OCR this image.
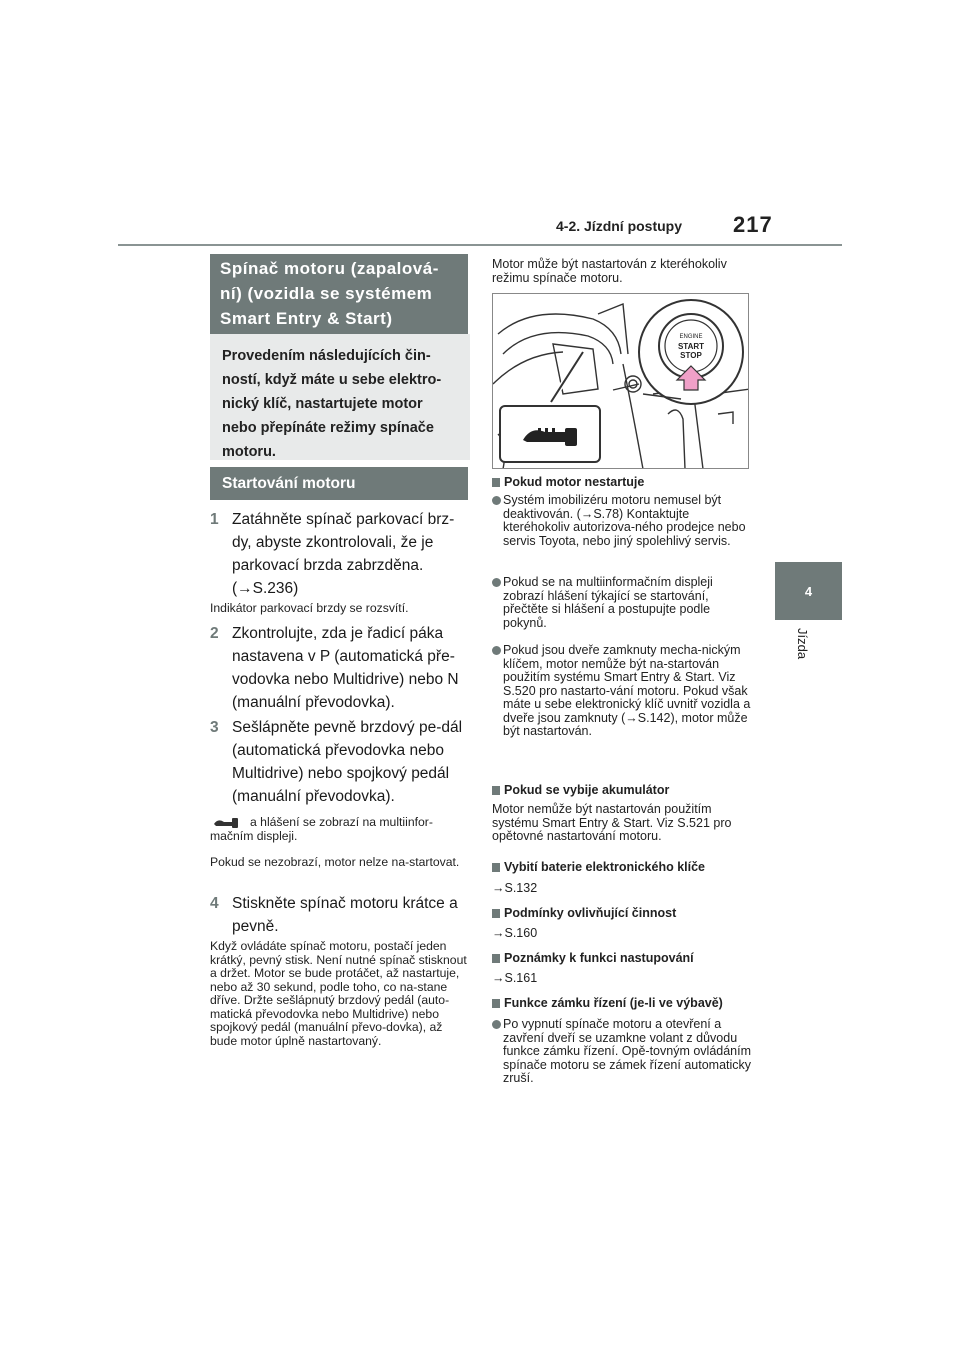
4-2. Jízdní postupy 217
4
Jízda
Spínač motoru (zapalová-ní) (vozidla se systémem Smart Entry & Start)
Provedením následujících čin-ností, když máte u sebe elektro-nický klíč, nastartujete motor nebo přepínáte režimy spínače motoru.
Startování motoru
1 Zatáhněte spínač parkovací brz-dy, abyste zkontrolovali, že je parkovací brzda zabrzděna. (→S.236)
Indikátor parkovací brzdy se rozsvítí.
2 Zkontrolujte, zda je řadicí páka nastavena v P (automatická pře-vodovka nebo Multidrive) nebo N (manuální převodovka).
3 Sešlápněte pevně brzdový pe-dál (automatická převodovka nebo Multidrive) nebo spojkový pedál (manuální převodovka).
a hlášení se zobrazí na multiinfor-mačním displeji.
Pokud se nezobrazí, motor nelze na-startovat.
4 Stiskněte spínač motoru krátce a pevně.
Když ovládáte spínač motoru, postačí jeden krátký, pevný stisk. Není nutné spínač stisknout a držet. Motor se bude protáčet, až nastartuje, nebo až 30 sekund, podle toho, co na-stane dříve. Držte sešlápnutý brzdový pedál (auto-matická převodovka nebo Multidrive) nebo spojkový pedál (manuální převo-dovka), až bude motor úplně nastartovaný.
Motor může být nastartován z kteréhokoliv režimu spínače motoru.
ENGINE
START
STOP
Pokud motor nestartuje
Systém imobilizéru motoru nemusel být deaktivován. (→S.78) Kontaktujte kteréhokoliv autorizova-ného prodejce nebo servis Toyota, nebo jiný spolehlivý servis.
Pokud se na multiinformačním displeji zobrazí hlášení týkající se startování, přečtěte si hlášení a postupujte podle pokynů.
Pokud jsou dveře zamknuty mecha-nickým klíčem, motor nemůže být na-startován použitím systému Smart Entry & Start. Viz S.520 pro nastarto-vání motoru. Pokud však máte u sebe elektronický klíč uvnitř vozidla a dveře jsou zamknuty (→S.142), motor může být nastartován.
Pokud se vybije akumulátor
Motor nemůže být nastartován použitím systému Smart Entry & Start. Viz S.521 pro opětovné nastartování motoru.
Vybití baterie elektronického klíče
→S.132
Podmínky ovlivňující činnost
→S.160
Poznámky k funkci nastupování
→S.161
Funkce zámku řízení (je-li ve výbavě)
Po vypnutí spínače motoru a otevření a zavření dveří se uzamkne volant z důvodu funkce zámku řízení. Opě-tovným ovládáním spínače motoru se zámek řízení automaticky zruší.
